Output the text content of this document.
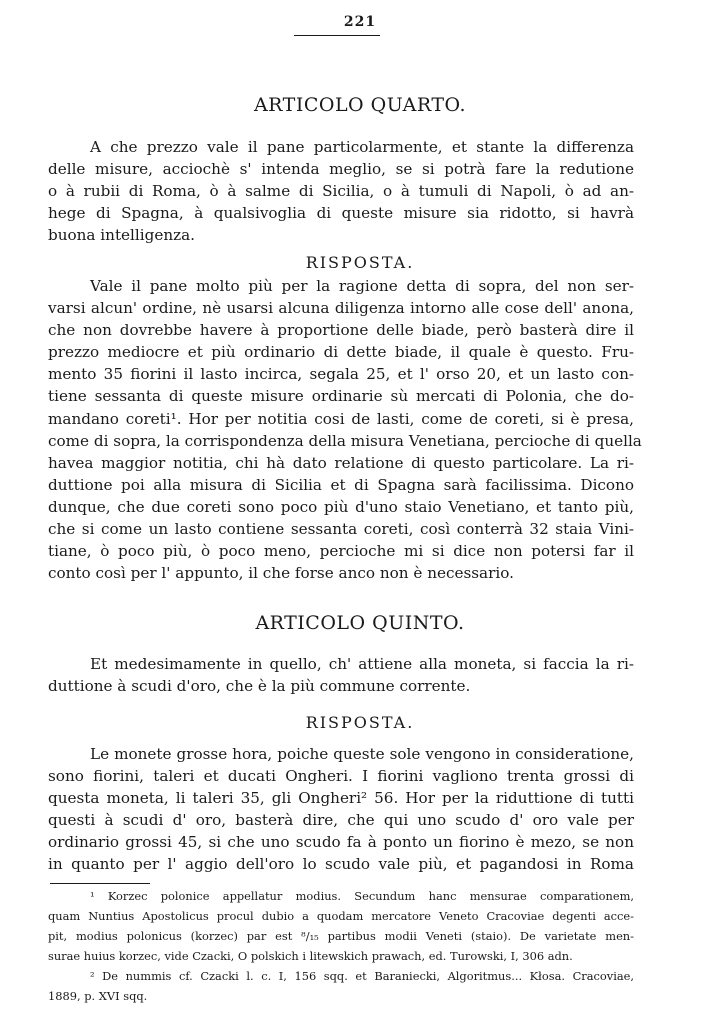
221
ARTICOLO QUARTO.
A che prezzo vale il pane particolarmente, et stante la differenza
delle misure, acciochè s' intenda meglio, se si potrà fare la redutione
o à rubii di Roma, ò à salme di Sicilia, o à tumuli di Napoli, ò ad an-
hege di Spagna, à qualsivoglia di queste misure sia ridotto, si havrà
buona intelligenza.
RISPOSTA.
Vale il pane molto più per la ragione detta di sopra, del non ser-
varsi alcun' ordine, nè usarsi alcuna diligenza intorno alle cose dell' anona,
che non dovrebbe havere à proportione delle biade, però basterà dire il
prezzo mediocre et più ordinario di dette biade, il quale è questo. Fru-
mento 35 fiorini il lasto incirca, segala 25, et l' orso 20, et un lasto con-
tiene sessanta di queste misure ordinarie sù mercati di Polonia, che do-
mandano coreti¹. Hor per notitia cosi de lasti, come de coreti, si è presa,
come di sopra, la corrispondenza della misura Venetiana, percioche di quella
havea maggior notitia, chi hà dato relatione di questo particolare. La ri-
duttione poi alla misura di Sicilia et di Spagna sarà facilissima. Dicono
dunque, che due coreti sono poco più d'uno staio Venetiano, et tanto più,
che si come un lasto contiene sessanta coreti, così conterrà 32 staia Vini-
tiane, ò poco più, ò poco meno, percioche mi si dice non potersi far il
conto così per l' appunto, il che forse anco non è necessario.
ARTICOLO QUINTO.
Et medesimamente in quello, ch' attiene alla moneta, si faccia la ri-
duttione à scudi d'oro, che è la più commune corrente.
RISPOSTA.
Le monete grosse hora, poiche queste sole vengono in consideratione,
sono fiorini, taleri et ducati Ongheri. I fiorini vagliono trenta grossi di
questa moneta, li taleri 35, gli Ongheri² 56. Hor per la riduttione di tutti
questi à scudi d' oro, basterà dire, che qui uno scudo d' oro vale per
ordinario grossi 45, si che uno scudo fa à ponto un fiorino è mezo, se non
in quanto per l' aggio dell'oro lo scudo vale più, et pagandosi in Roma
¹ Korzec polonice appellatur modius. Secundum hanc mensurae comparationem,
quam Nuntius Apostolicus procul dubio a quodam mercatore Veneto Cracoviae degenti acce-
pit, modius polonicus (korzec) par est ⁸/₁₅ partibus modii Veneti (staio). De varietate men-
surae huius korzec, vide Czacki, O polskich i litewskich prawach, ed. Turowski, I, 306 adn.
² De nummis cf. Czacki l. c. I, 156 sqq. et Baraniecki, Algoritmus... Kłosa. Cracoviae,
1889, p. XVI sqq.
